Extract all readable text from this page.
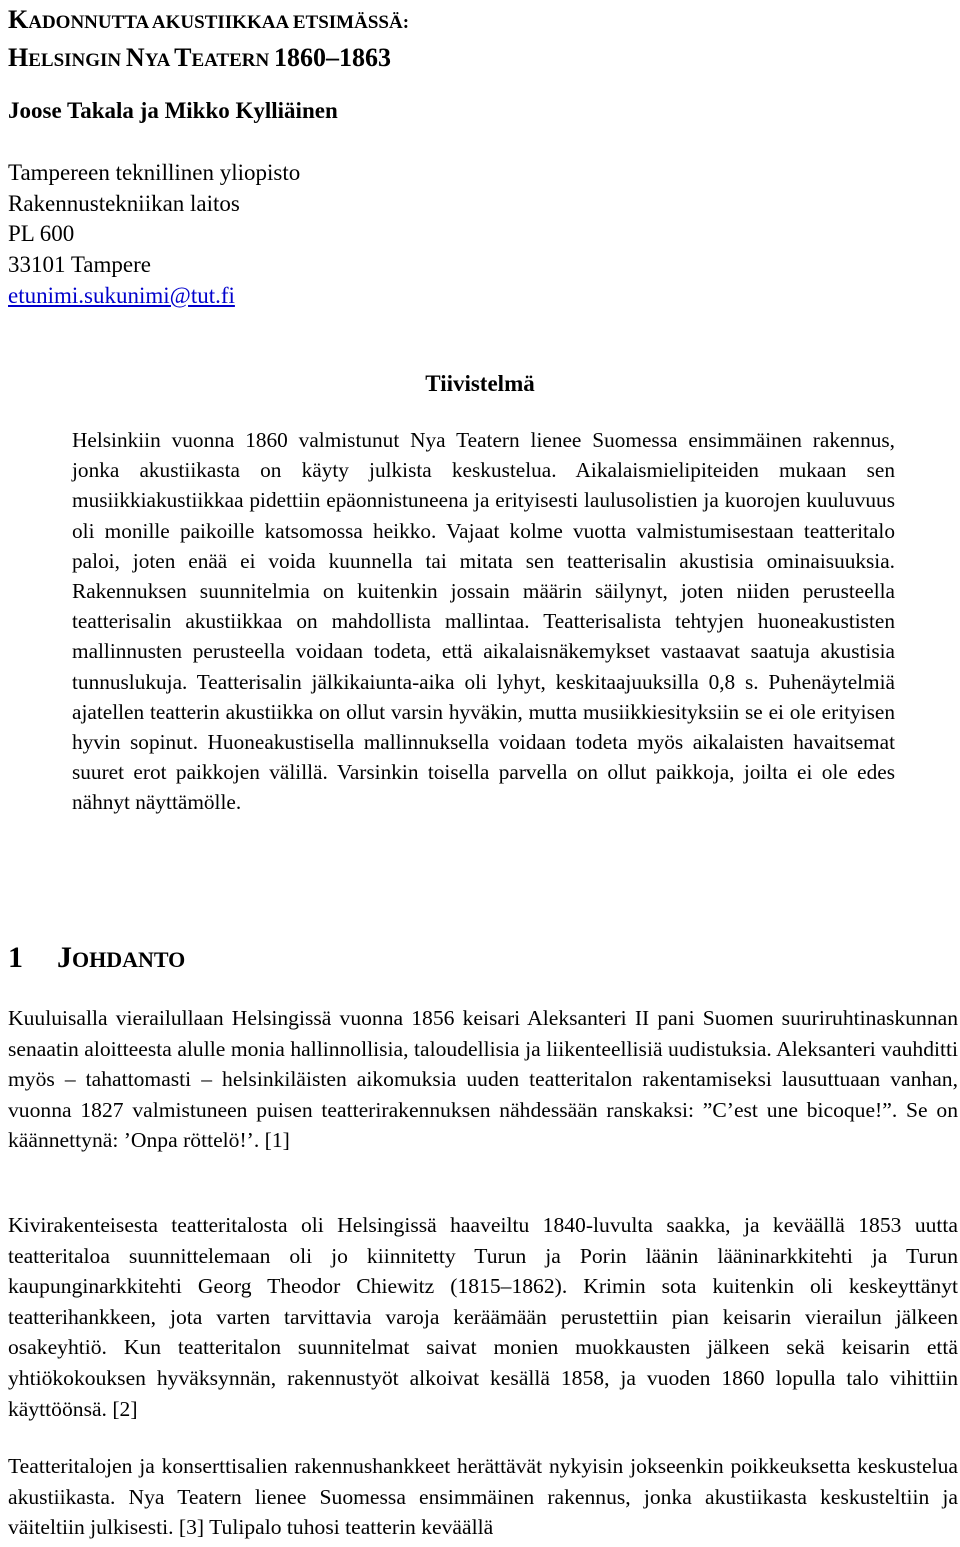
KADONNUTTA AKUSTIIKKAA ETSIMÄSSÄ:
HELSINGIN NYA TEATERN 1860–1863

Joose Takala ja Mikko Kylliäinen

Tampereen teknillinen yliopisto
Rakennustekniikan laitos
PL 600
33101 Tampere
etunimi.sukunimi@tut.fi
Tiivistelmä

Helsinkiin vuonna 1860 valmistunut Nya Teatern lienee Suomessa ensimmäinen rakennus, jonka akustiikasta on käyty julkista keskustelua. Aikalaismielipiteiden mukaan sen musiikkiakustiikkaa pidettiin epäonnistuneena ja erityisesti laulusolistien ja kuorojen kuuluvuus oli monille paikoille katsomossa heikko. Vajaat kolme vuotta valmistumisestaan teatteritalo paloi, joten enää ei voida kuunnella tai mitata sen teatterisalin akustisia ominaisuuksia. Rakennuksen suunnitelmia on kuitenkin jossain määrin säilynyt, joten niiden perusteella teatterisalin akustiikkaa on mahdollista mallintaa. Teatterisalista tehtyjen huoneakustisten mallinnusten perusteella voidaan todeta, että aikalaisnäkemykset vastaavat saatuja akustisia tunnuslukuja. Teatterisalin jälkikaiunta-aika oli lyhyt, keskitaajuuksilla 0,8 s. Puhenäytelmiä ajatellen teatterin akustiikka on ollut varsin hyväkin, mutta musiikkiesityksiin se ei ole erityisen hyvin sopinut. Huoneakustisella mallinnuksella voidaan todeta myös aikalaisten havaitsemat suuret erot paikkojen välillä. Varsinkin toisella parvella on ollut paikkoja, joilta ei ole edes nähnyt näyttämölle.

1 JOHDANTO

Kuuluisalla vierailullaan Helsingissä vuonna 1856 keisari Aleksanteri II pani Suomen suuriruhtinaskunnan senaatin aloitteesta alulle monia hallinnollisia, taloudellisia ja liikenteellisiä uudistuksia. Aleksanteri vauhditti myös – tahattomasti – helsinkiläisten aikomuksia uuden teatteritalon rakentamiseksi lausuttuaan vanhan, vuonna 1827 valmistuneen puisen teatterirakennuksen nähdessään ranskaksi: ”C’est une bicoque!”. Se on käännettynä: ’Onpa röttelö!’. [1]

Kivirakenteisesta teatteritalosta oli Helsingissä haaveiltu 1840-luvulta saakka, ja keväällä 1853 uutta teatteritaloa suunnittelemaan oli jo kiinnitetty Turun ja Porin läänin lääninarkkitehti ja Turun kaupunginarkkitehti Georg Theodor Chiewitz (1815–1862). Krimin sota kuitenkin oli keskeyttänyt teatterihankkeen, jota varten tarvittavia varoja keräämään perustettiin pian keisarin vierailun jälkeen osakeyhtiö. Kun teatteritalon suunnitelmat saivat monien muokkausten jälkeen sekä keisarin että yhtiökokouksen hyväksynnän, rakennustyöt alkoivat kesällä 1858, ja vuoden 1860 lopulla talo vihittiin käyttöönsä. [2]

Teatteritalojen ja konserttisalien rakennushankkeet herättävät nykyisin jokseenkin poikkeuksetta keskustelua akustiikasta. Nya Teatern lienee Suomessa ensimmäinen rakennus, jonka akustiikasta keskusteltiin ja väiteltiin julkisesti. [3] Tulipalo tuhosi teatterin keväällä
